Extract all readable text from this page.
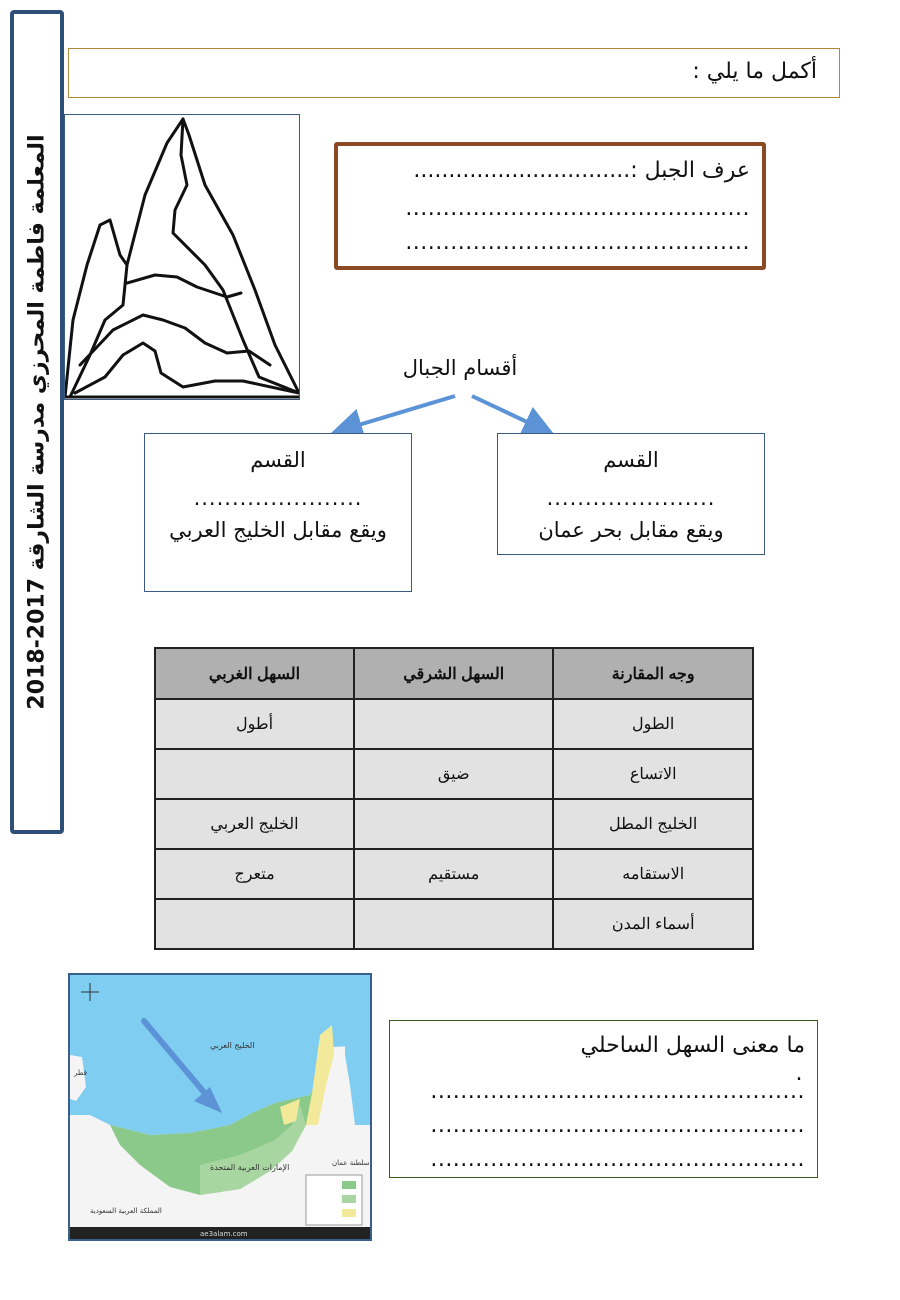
المعلمة فاطمة المحرزي مدرسة الشارقة 2017-2018
أكمل ما يلي :
عرف الجبل :...............................
..............................................
..............................................
أقسام الجبال
القسم
......................
ويقع مقابل بحر عمان
القسم
......................
ويقع مقابل الخليج العربي
وجه المقارنة	السهل الشرقي	السهل الغربي
الطول		أطول
الاتساع	ضيق	
الخليج المطل		الخليج العربي
الاستقامه	مستقيم	متعرج
أسماء المدن		
الخليج العربي
الإمارات العربية المتحدة	سلطنة عمان
المملكة العربية السعودية
قطر
ae3alam.com
ما معنى السهل الساحلي
.
..................................................
..................................................
..................................................
